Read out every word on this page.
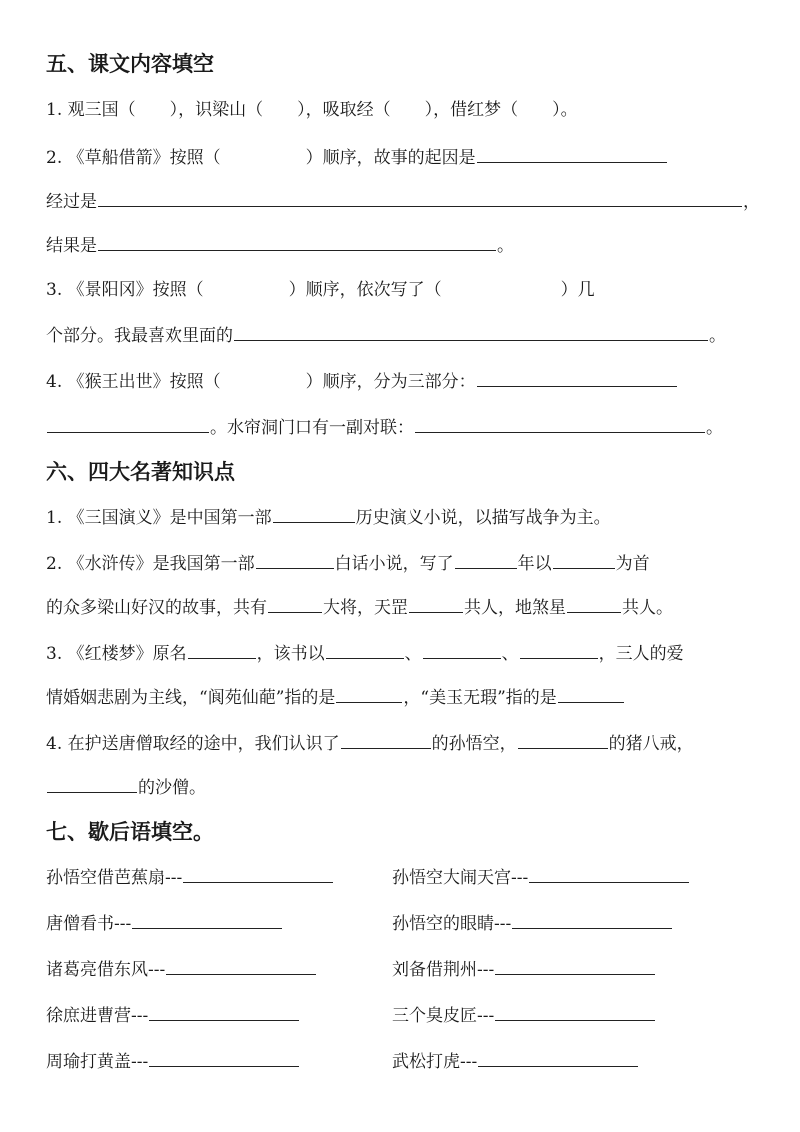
五、课文内容填空
1. 观三国（　　），识梁山（　　），吸取经（　　），借红梦（　　）。
2. 《草船借箭》按照（　　　　　）顺序，故事的起因是
经过是	，
结果是	。
3. 《景阳冈》按照（　　　　　）顺序，依次写了（　　　　　　　）几
个部分。我最喜欢里面的	。
4. 《猴王出世》按照（　　　　　）顺序，分为三部分：
。水帘洞门口有一副对联：	。
六、四大名著知识点
1. 《三国演义》是中国第一部	历史演义小说，以描写战争为主。
2. 《水浒传》是我国第一部	白话小说，写了	年以	为首
的众多梁山好汉的故事，共有	大将，天罡	共人，地煞星	共人。
3. 《红楼梦》原名	，该书以	、	、	，三人的爱
情婚姻悲剧为主线，“阆苑仙葩”指的是	，“美玉无瑕”指的是
4. 在护送唐僧取经的途中，我们认识了	的孙悟空，	的猪八戒，
的沙僧。
七、歇后语填空。
孙悟空借芭蕉扇---	孙悟空大闹天宫---
唐僧看书---	孙悟空的眼睛---
诸葛亮借东风---	刘备借荆州---
徐庶进曹营---	三个臭皮匠---
周瑜打黄盖---	武松打虎---
